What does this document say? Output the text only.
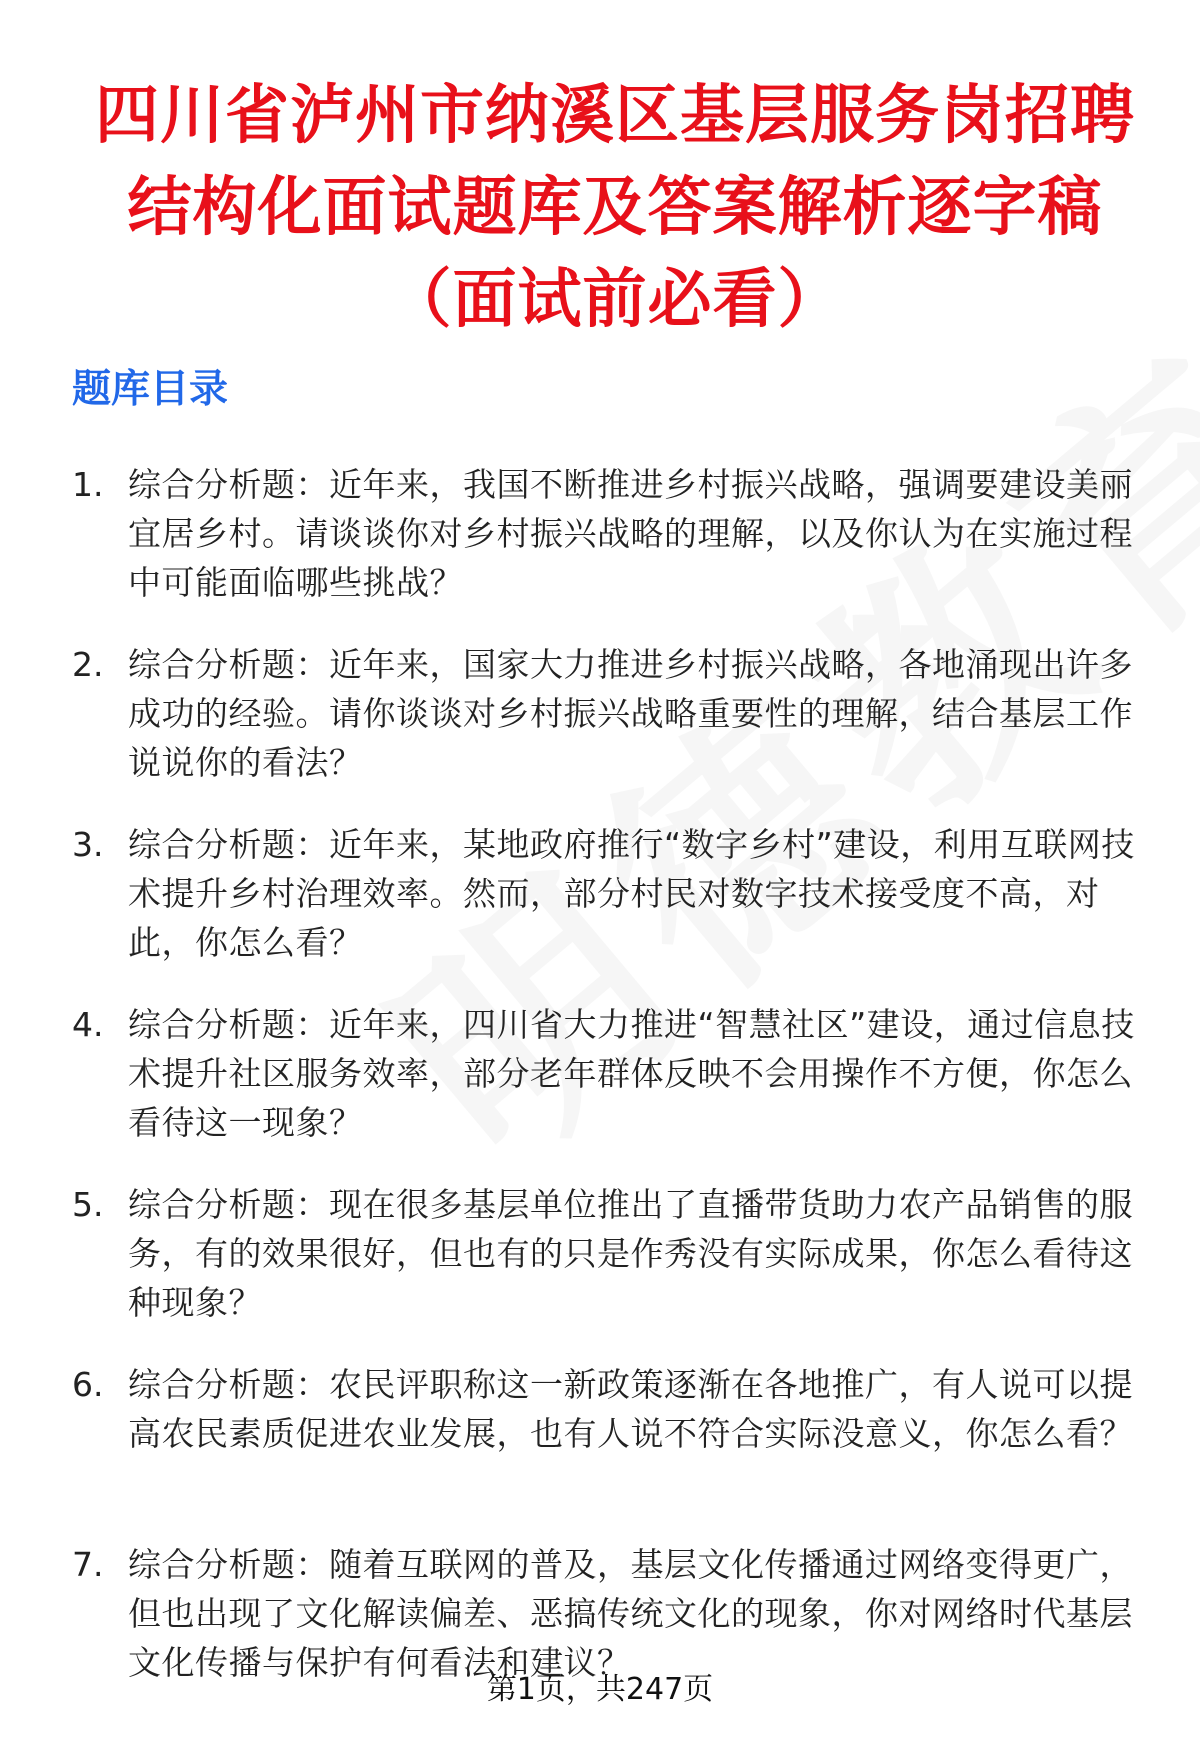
四川省泸州市纳溪区基层服务岗招聘结构化面试题库及答案解析逐字稿（面试前必看）
题库目录
1. 综合分析题：近年来，我国不断推进乡村振兴战略，强调要建设美丽宜居乡村。请谈谈你对乡村振兴战略的理解，以及你认为在实施过程中可能面临哪些挑战？

2. 综合分析题：近年来，国家大力推进乡村振兴战略，各地涌现出许多成功的经验。请你谈谈对乡村振兴战略重要性的理解，结合基层工作说说你的看法？

3. 综合分析题：近年来，某地政府推行“数字乡村”建设，利用互联网技术提升乡村治理效率。然而，部分村民对数字技术接受度不高，对此，你怎么看？

4. 综合分析题：近年来，四川省大力推进“智慧社区”建设，通过信息技术提升社区服务效率，部分老年群体反映不会用操作不方便，你怎么看待这一现象？

5. 综合分析题：现在很多基层单位推出了直播带货助力农产品销售的服务，有的效果很好，但也有的只是作秀没有实际成果，你怎么看待这种现象？

6. 综合分析题：农民评职称这一新政策逐渐在各地推广，有人说可以提高农民素质促进农业发展，也有人说不符合实际没意义，你怎么看？

7. 综合分析题：随着互联网的普及，基层文化传播通过网络变得更广，但也出现了文化解读偏差、恶搞传统文化的现象，你对网络时代基层文化传播与保护有何看法和建议？

第1页，共247页
